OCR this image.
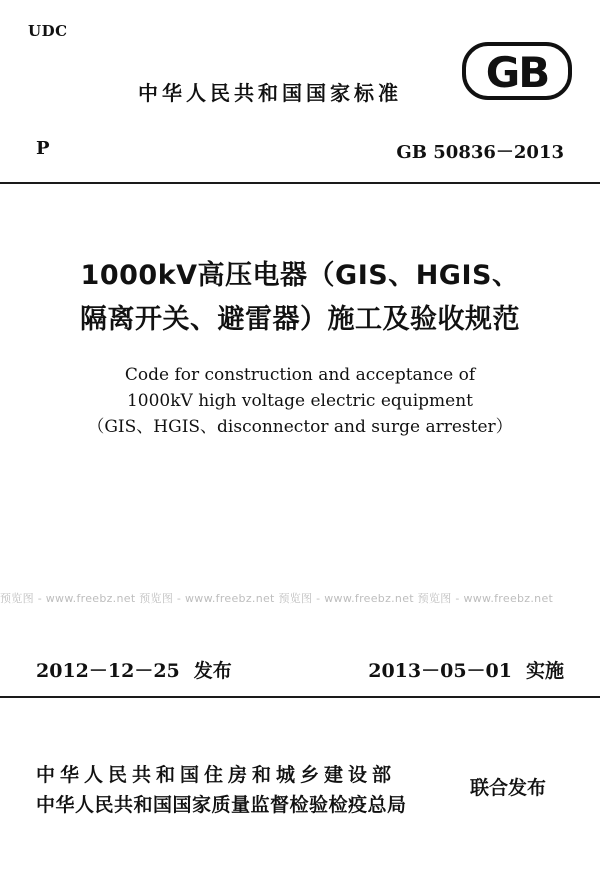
UDC
中华人民共和国国家标准 GB
P	GB 50836－2013
1000kV高压电器（GIS、HGIS、
隔离开关、避雷器）施工及验收规范
Code for construction and acceptance of
1000kV high voltage electric equipment
（GIS、HGIS、disconnector and surge arrester）
预览图 - www.freebz.net 预览图 - www.freebz.net 预览图 - www.freebz.net 预览图 - www.freebz.net
2012－12－25 发布	2013－05－01 实施
中华人民共和国住房和城乡建设部
中华人民共和国国家质量监督检验检疫总局
联合发布
